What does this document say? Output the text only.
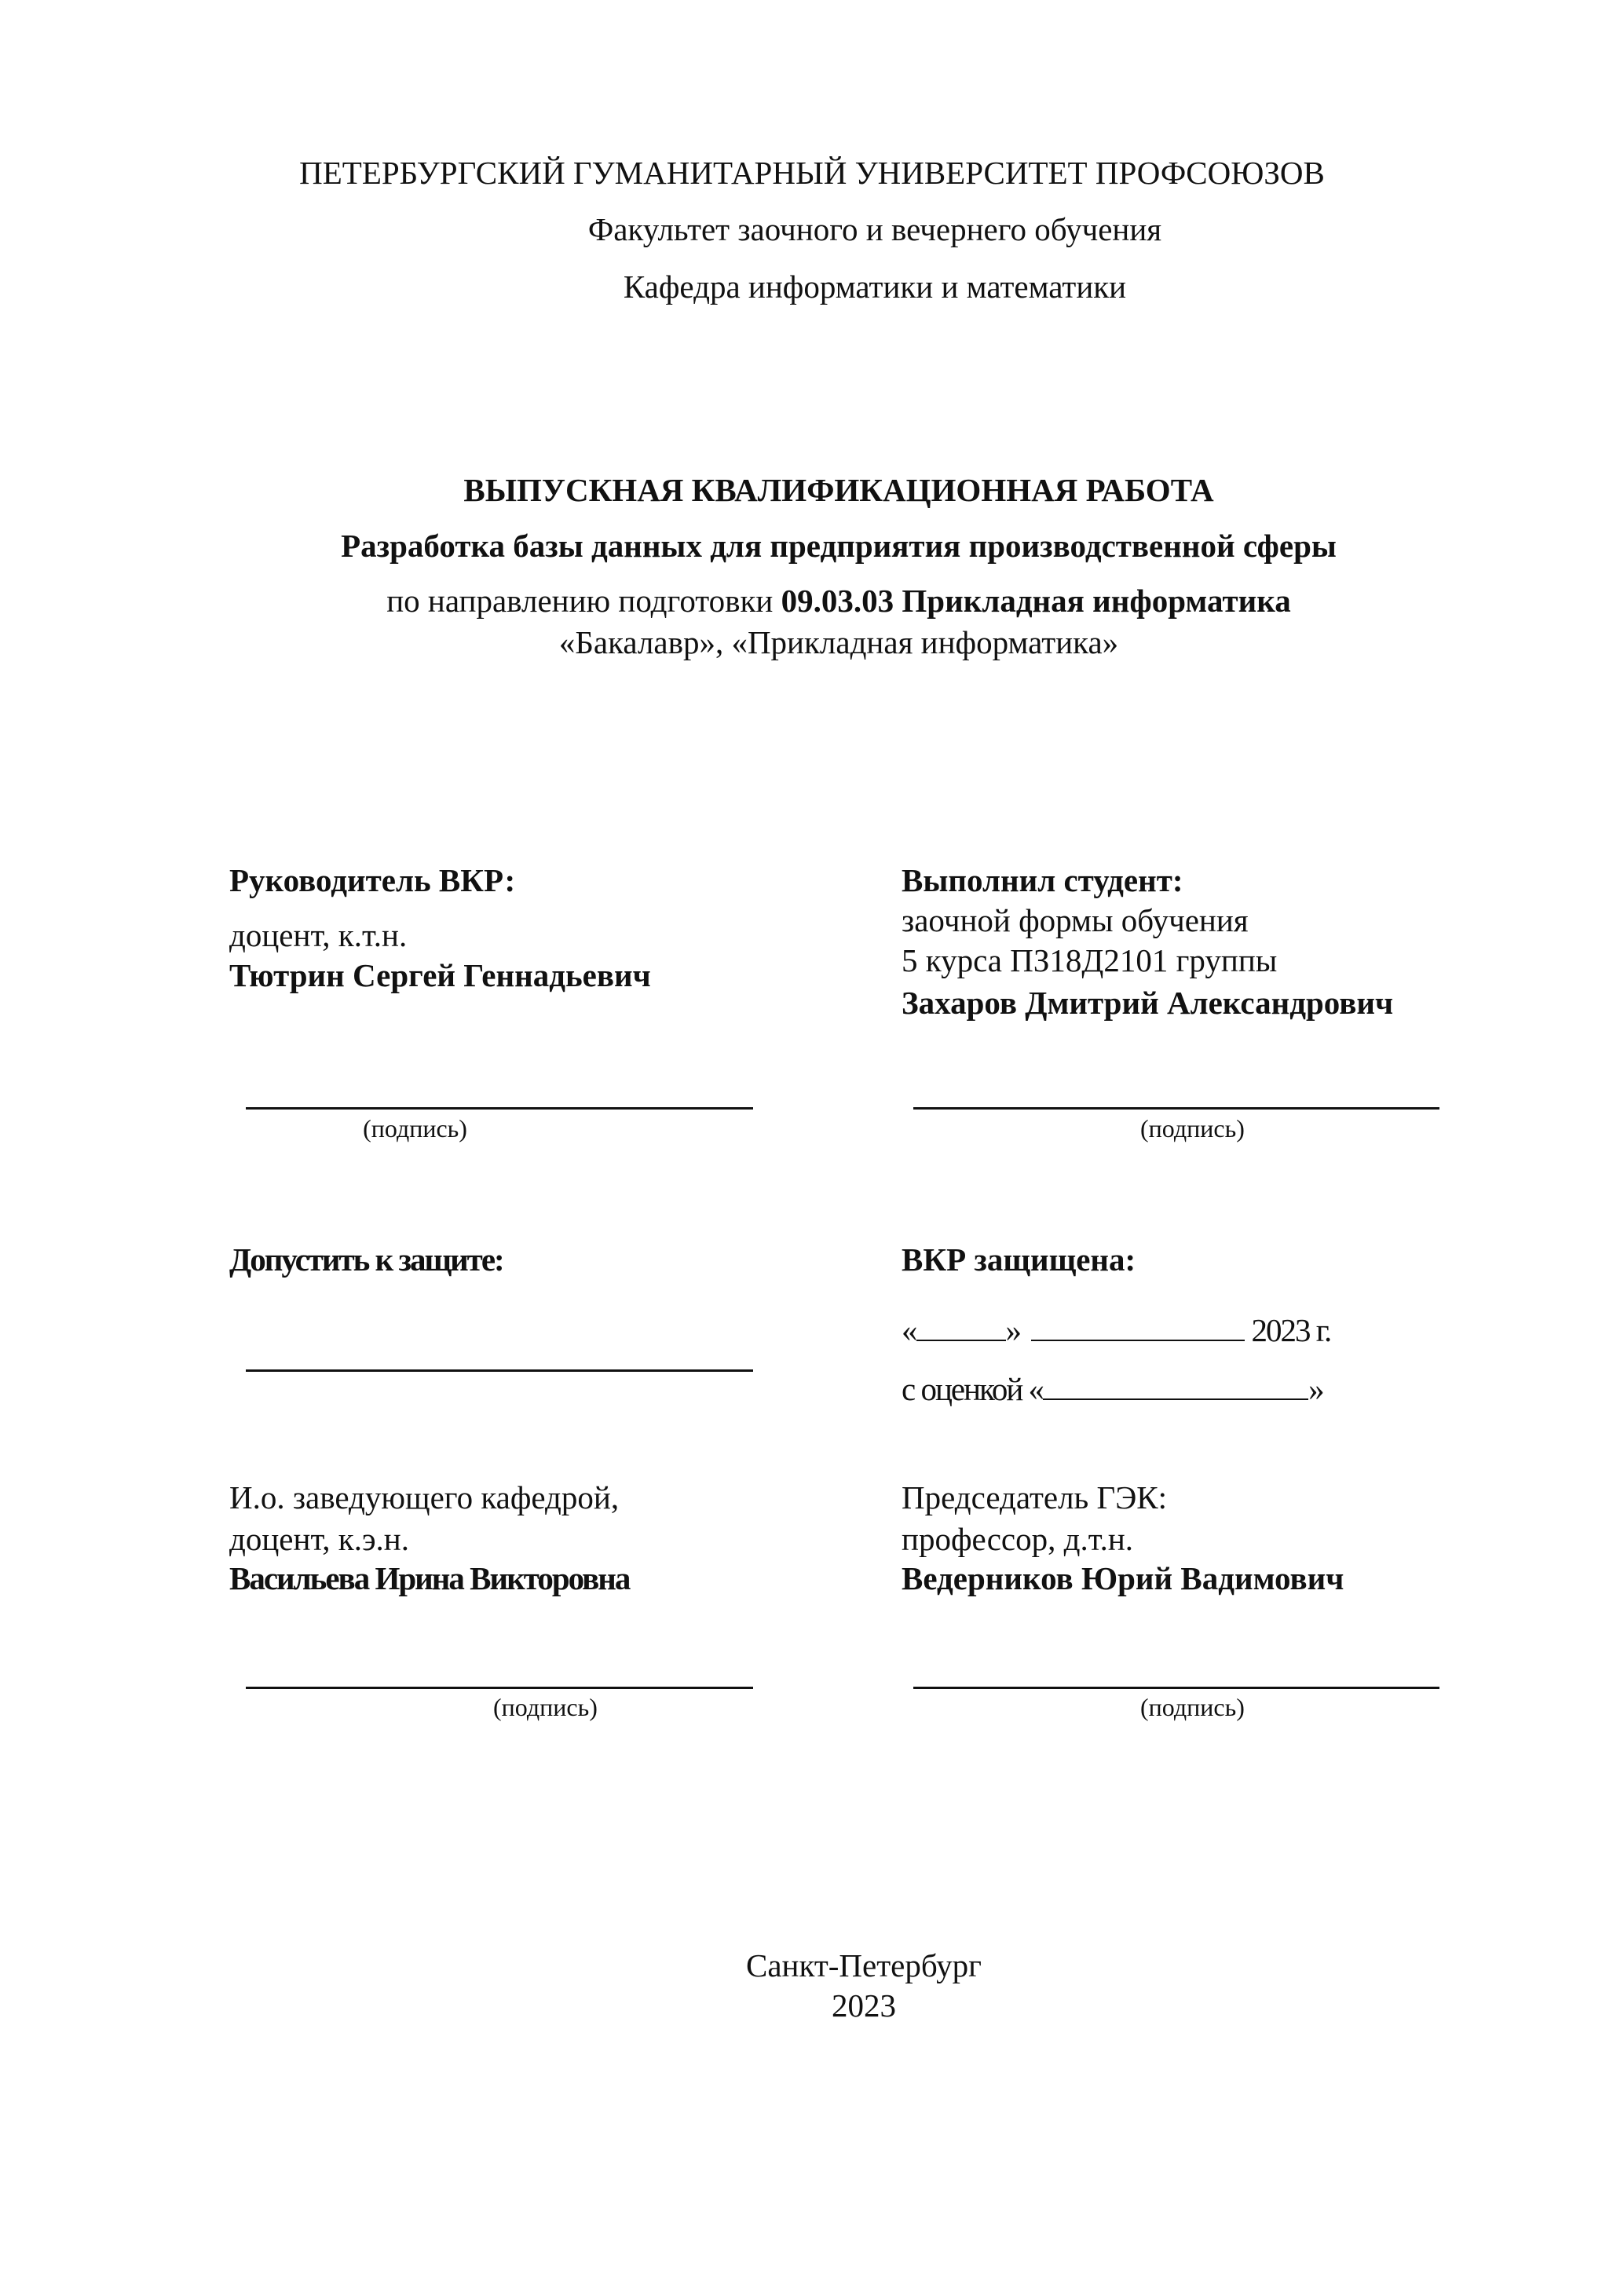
ПЕТЕРБУРГСКИЙ ГУМАНИТАРНЫЙ УНИВЕРСИТЕТ ПРОФСОЮЗОВ
Факультет заочного и вечернего обучения
Кафедра информатики и математики
ВЫПУСКНАЯ КВАЛИФИКАЦИОННАЯ РАБОТА
Разработка базы данных для предприятия производственной сферы
по направлению подготовки 09.03.03 Прикладная информатика
«Бакалавр», «Прикладная информатика»
Руководитель ВКР:
доцент, к.т.н.
Тютрин Сергей Геннадьевич
(подпись)
Выполнил студент:
заочной формы обучения
5 курса ПЗ18Д2101 группы
Захаров Дмитрий Александрович
(подпись)
Допустить к защите:	ВКР защищена:
«	»	2023 г.
с оценкой «	»
И.о. заведующего кафедрой,
доцент, к.э.н.
Васильева Ирина Викторовна
(подпись)
Председатель ГЭК:
профессор, д.т.н.
Ведерников Юрий Вадимович
(подпись)
Санкт-Петербург
2023
